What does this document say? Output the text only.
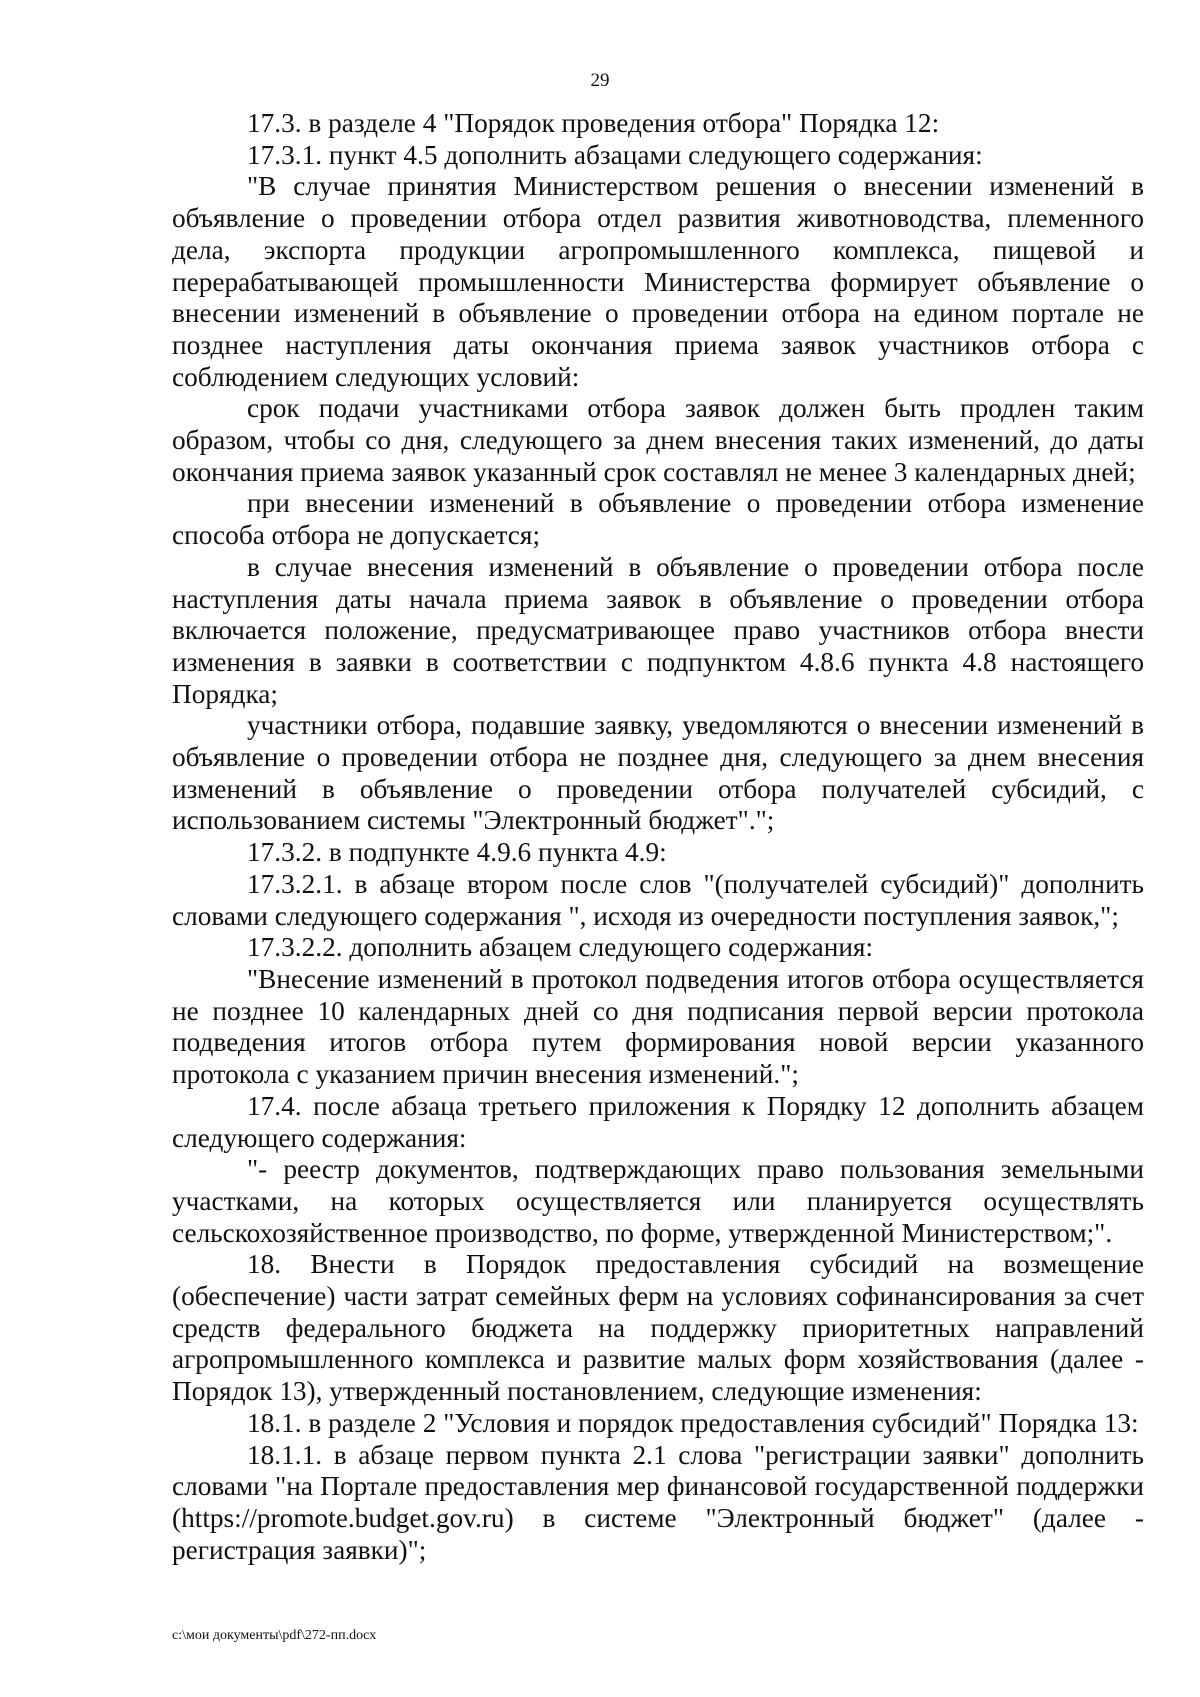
29

17.3. в разделе 4 "Порядок проведения отбора" Порядка 12:

17.3.1. пункт 4.5 дополнить абзацами следующего содержания:

"В случае принятия Министерством решения о внесении изменений в объявление о проведении отбора отдел развития животноводства, племенного дела, экспорта продукции агропромышленного комплекса, пищевой и перерабатывающей промышленности Министерства формирует объявление о внесении изменений в объявление о проведении отбора на едином портале не позднее наступления даты окончания приема заявок участников отбора с соблюдением следующих условий:

срок подачи участниками отбора заявок должен быть продлен таким образом, чтобы со дня, следующего за днем внесения таких изменений, до даты окончания приема заявок указанный срок составлял не менее 3 календарных дней;

при внесении изменений в объявление о проведении отбора изменение способа отбора не допускается;

в случае внесения изменений в объявление о проведении отбора после наступления даты начала приема заявок в объявление о проведении отбора включается положение, предусматривающее право участников отбора внести изменения в заявки в соответствии с подпунктом 4.8.6 пункта 4.8 настоящего Порядка;

участники отбора, подавшие заявку, уведомляются о внесении изменений в объявление о проведении отбора не позднее дня, следующего за днем внесения изменений в объявление о проведении отбора получателей субсидий, с использованием системы "Электронный бюджет".";

17.3.2. в подпункте 4.9.6 пункта 4.9:

17.3.2.1. в абзаце втором после слов "(получателей субсидий)" дополнить словами следующего содержания ", исходя из очередности поступления заявок,";

17.3.2.2. дополнить абзацем следующего содержания:

"Внесение изменений в протокол подведения итогов отбора осуществляется не позднее 10 календарных дней со дня подписания первой версии протокола подведения итогов отбора путем формирования новой версии указанного протокола с указанием причин внесения изменений.";

17.4. после абзаца третьего приложения к Порядку 12 дополнить абзацем следующего содержания:

"- реестр документов, подтверждающих право пользования земельными участками, на которых осуществляется или планируется осуществлять сельскохозяйственное производство, по форме, утвержденной Министерством;".

18. Внести в Порядок предоставления субсидий на возмещение (обеспечение) части затрат семейных ферм на условиях софинансирования за счет средств федерального бюджета на поддержку приоритетных направлений агропромышленного комплекса и развитие малых форм хозяйствования (далее - Порядок 13), утвержденный постановлением, следующие изменения:

18.1. в разделе 2 "Условия и порядок предоставления субсидий" Порядка 13:

18.1.1. в абзаце первом пункта 2.1 слова "регистрации заявки" дополнить словами "на Портале предоставления мер финансовой государственной поддержки (https://promote.budget.gov.ru) в системе "Электронный бюджет" (далее - регистрация заявки)";

c:\мои документы\pdf\272-пп.docx
